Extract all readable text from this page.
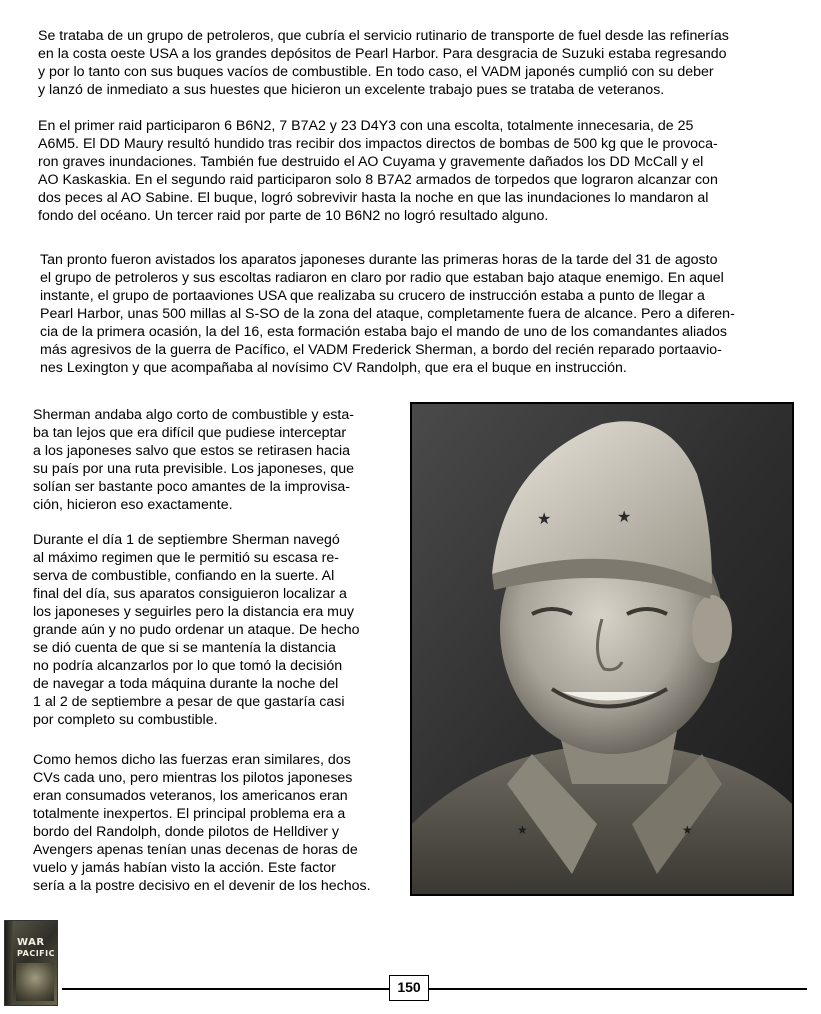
Se trataba de un grupo de petroleros, que cubría el servicio rutinario de transporte de fuel desde las refinerías
en la costa oeste USA a los grandes depósitos de Pearl Harbor. Para desgracia de Suzuki estaba regresando
y por lo tanto con sus buques vacíos de combustible. En todo caso, el VADM japonés cumplió con su deber
y lanzó de inmediato a sus huestes que hicieron un excelente trabajo pues se trataba de veteranos.
En el primer raid participaron 6 B6N2, 7 B7A2 y 23 D4Y3 con una escolta, totalmente innecesaria, de 25
A6M5. El DD Maury resultó hundido tras recibir dos impactos directos de bombas de 500 kg que le provoca-
ron graves inundaciones. También fue destruido el AO Cuyama y gravemente dañados los DD McCall y el
AO Kaskaskia. En el segundo raid participaron solo 8 B7A2 armados de torpedos que lograron alcanzar con
dos peces al AO Sabine. El buque, logró sobrevivir hasta la noche en que las inundaciones lo mandaron al
fondo del océano. Un tercer raid por parte de 10 B6N2 no logró resultado alguno.
Tan pronto fueron avistados los aparatos japoneses durante las primeras horas de la tarde del 31 de agosto
el grupo de petroleros y sus escoltas radiaron en claro por radio que estaban bajo ataque enemigo. En aquel
instante, el grupo de portaaviones USA que realizaba su crucero de instrucción estaba a punto de llegar a
Pearl Harbor, unas 500 millas al S-SO de la zona del ataque, completamente fuera de alcance. Pero a diferen-
cia de la primera ocasión, la del 16, esta formación estaba bajo el mando de uno de los comandantes aliados
más agresivos de la guerra de Pacífico, el VADM Frederick Sherman, a bordo del recién reparado portaavio-
nes Lexington y que acompañaba al novísimo CV Randolph, que era el buque en instrucción.
Sherman andaba algo corto de combustible y esta-
ba tan lejos que era difícil que pudiese interceptar
a los japoneses salvo que estos se retirasen hacia
su país por una ruta previsible. Los japoneses, que
solían ser bastante poco amantes de la improvisa-
ción, hicieron eso exactamente.
Durante el día 1 de septiembre Sherman navegó
al máximo regimen que le permitió su escasa re-
serva de combustible, confiando en la suerte. Al
final del día, sus aparatos consiguieron localizar a
los japoneses y seguirles pero la distancia era muy
grande aún y no pudo ordenar un ataque. De hecho
se dió cuenta de que si se mantenía la distancia
no podría alcanzarlos por lo que tomó la decisión
de navegar a toda máquina durante la noche del
1 al 2 de septiembre a pesar de que gastaría casi
por completo su combustible.
Como hemos dicho las fuerzas eran similares, dos
CVs cada uno, pero mientras los pilotos japoneses
eran consumados veteranos, los americanos eran
totalmente inexpertos. El principal problema era a
bordo del Randolph, donde pilotos de Helldiver y
Avengers apenas tenían unas decenas de horas de
vuelo y jamás habían visto la acción. Este factor
sería a la postre decisivo en el devenir de los hechos.
★	★
★	★
WAR
PACIFIC
150
